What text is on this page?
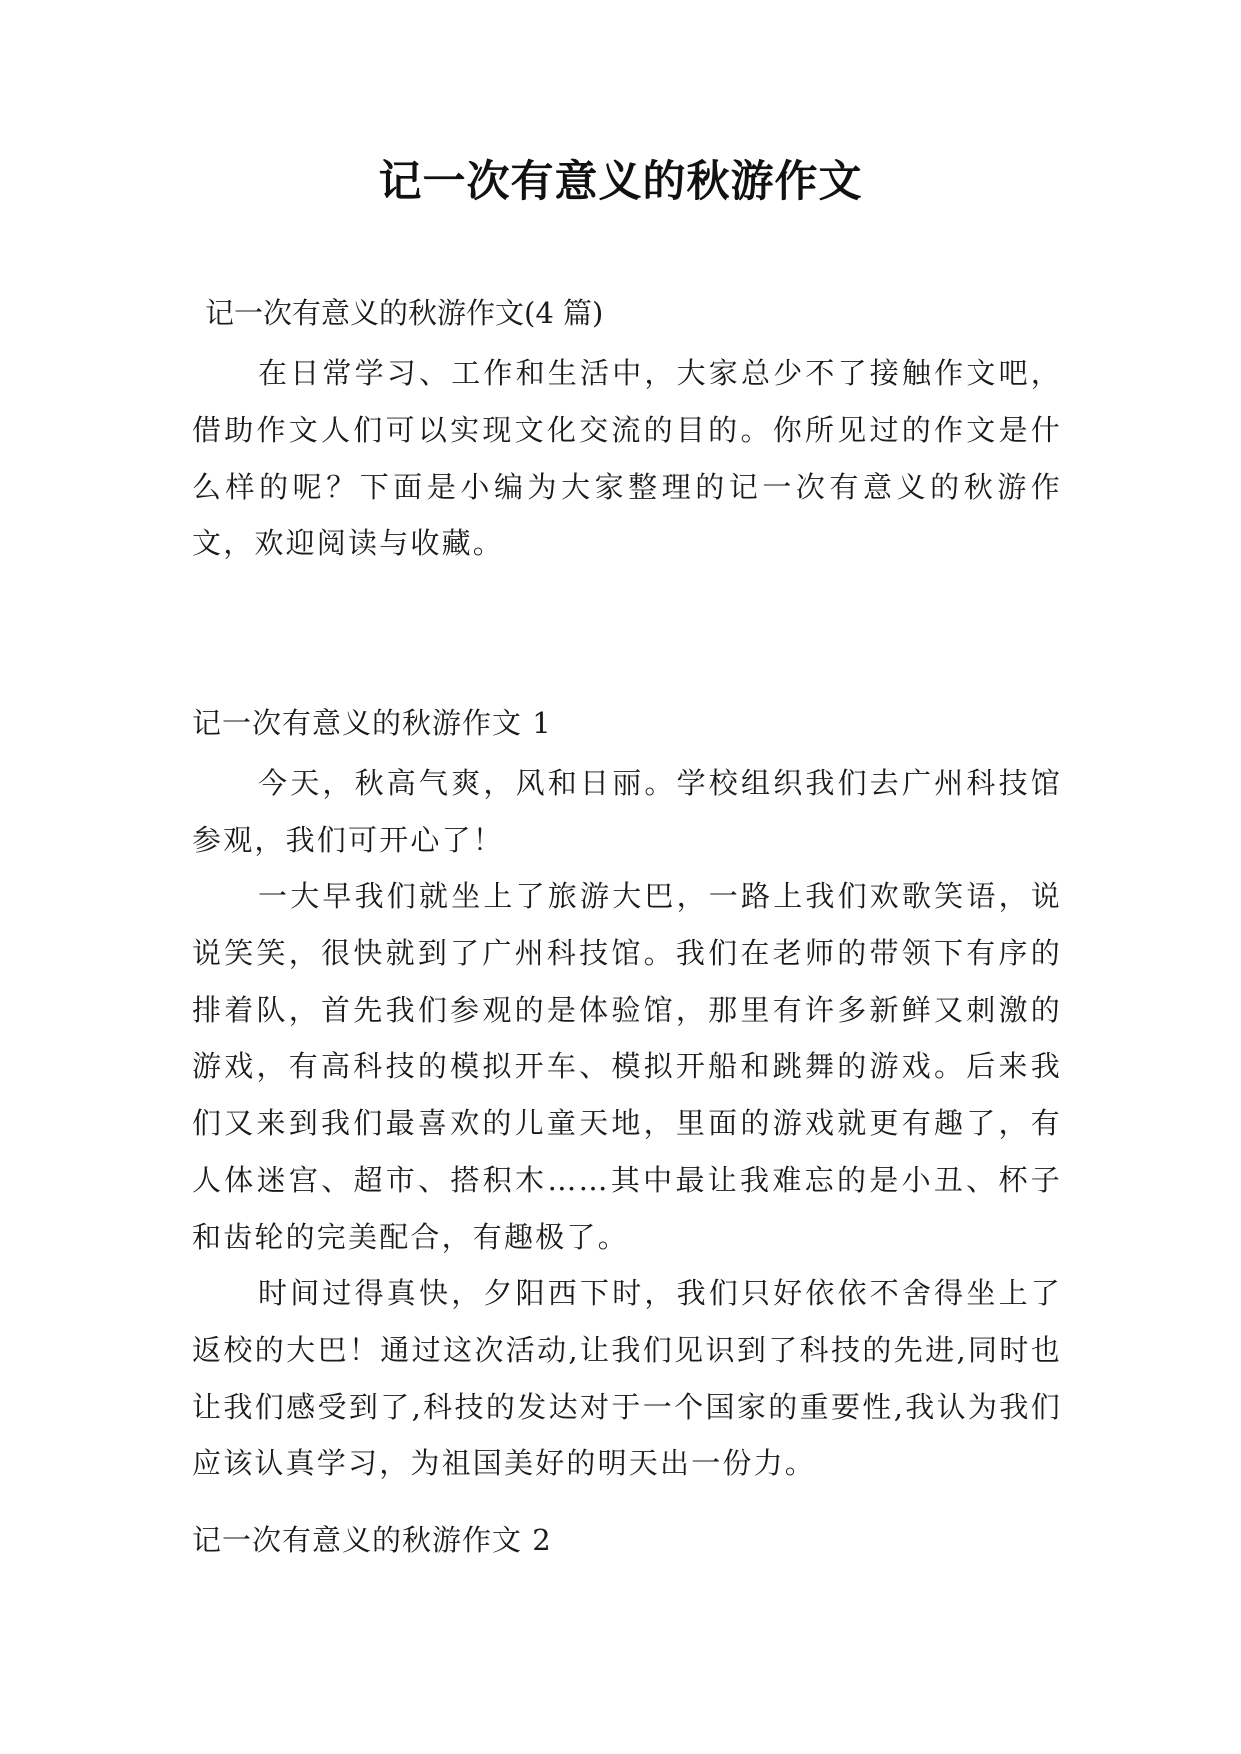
记一次有意义的秋游作文
记一次有意义的秋游作文(4 篇)

在日常学习、工作和生活中，大家总少不了接触作文吧，借助作文人们可以实现文化交流的目的。你所见过的作文是什么样的呢？下面是小编为大家整理的记一次有意义的秋游作文，欢迎阅读与收藏。

记一次有意义的秋游作文 1

今天，秋高气爽，风和日丽。学校组织我们去广州科技馆参观，我们可开心了！

一大早我们就坐上了旅游大巴，一路上我们欢歌笑语，说说笑笑，很快就到了广州科技馆。我们在老师的带领下有序的排着队，首先我们参观的是体验馆，那里有许多新鲜又刺激的游戏，有高科技的模拟开车、模拟开船和跳舞的游戏。后来我们又来到我们最喜欢的儿童天地，里面的游戏就更有趣了，有人体迷宫、超市、搭积木……其中最让我难忘的是小丑、杯子和齿轮的完美配合，有趣极了。

时间过得真快，夕阳西下时，我们只好依依不舍得坐上了返校的大巴！通过这次活动,让我们见识到了科技的先进,同时也让我们感受到了,科技的发达对于一个国家的重要性,我认为我们应该认真学习，为祖国美好的明天出一份力。

记一次有意义的秋游作文 2
